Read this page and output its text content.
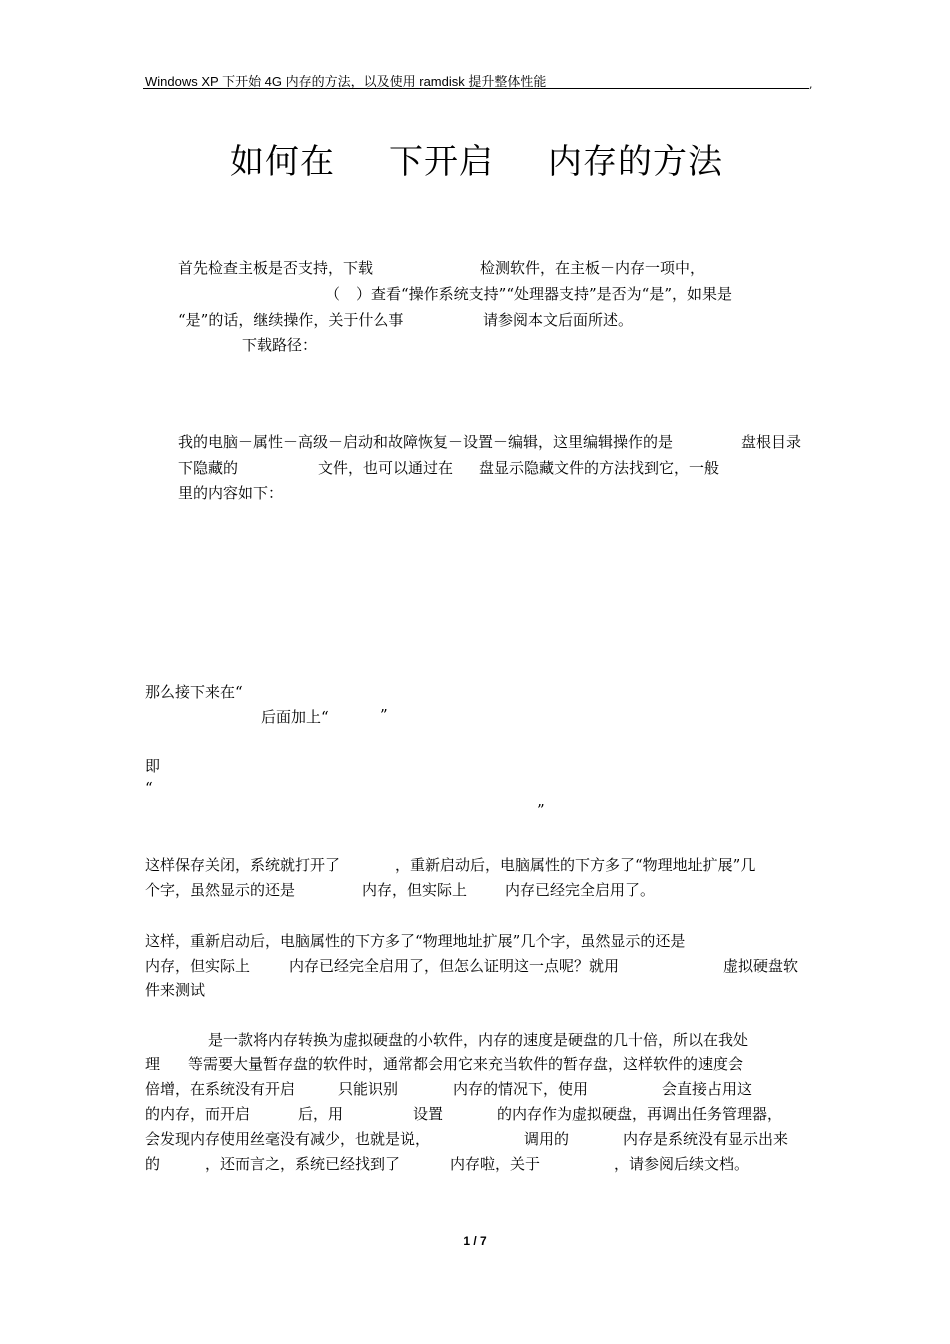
Windows XP 下开始 4G 内存的方法，以及使用 ramdisk 提升整体性能	,
如何在 下开启 内存的方法
首先检查主板是否支持，下载	检测软件，在主板－内存一项中，
（ ）查看“操作系统支持”“处理器支持”是否为“是”，如果是
“是”的话，继续操作，关于什么事	请参阅本文后面所述。
下载路径：
我的电脑－属性－高级－启动和故障恢复－设置－编辑，这里编辑操作的是	盘根目录
下隐藏的	文件，也可以通过在 盘显示隐藏文件的方法找到它，一般
里的内容如下：
那么接下来在“
后面加上“	”
即
“
”
这样保存关闭，系统就打开了	，重新启动后，电脑属性的下方多了“物理地址扩展”几
个字，虽然显示的还是	内存，但实际上	内存已经完全启用了。
这样，重新启动后，电脑属性的下方多了“物理地址扩展”几个字，虽然显示的还是
内存，但实际上	内存已经完全启用了，但怎么证明这一点呢？就用	虚拟硬盘软
件来测试
是一款将内存转换为虚拟硬盘的小软件，内存的速度是硬盘的几十倍，所以在我处
理 等需要大量暂存盘的软件时，通常都会用它来充当软件的暂存盘，这样软件的速度会
倍增，在系统没有开启	只能识别	内存的情况下，使用	会直接占用这
的内存，而开启	后，用	设置	的内存作为虚拟硬盘，再调出任务管理器，
会发现内存使用丝毫没有减少，也就是说，	调用的	内存是系统没有显示出来
的	，还而言之，系统已经找到了	内存啦，关于	，请参阅后续文档。
1 / 7
